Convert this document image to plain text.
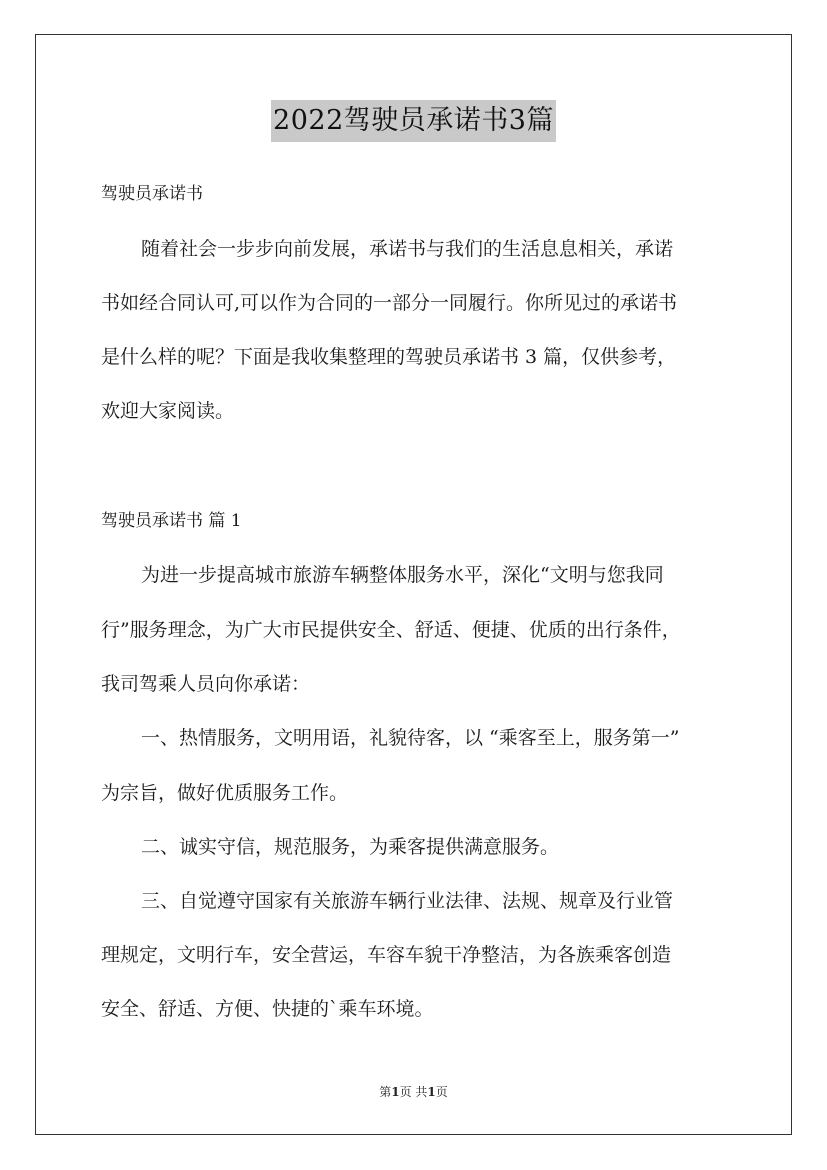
2022驾驶员承诺书3篇

驾驶员承诺书

随着社会一步步向前发展，承诺书与我们的生活息息相关，承诺

书如经合同认可,可以作为合同的一部分一同履行。你所见过的承诺书

是什么样的呢？下面是我收集整理的驾驶员承诺书 3 篇，仅供参考，

欢迎大家阅读。

驾驶员承诺书 篇 1

为进一步提高城市旅游车辆整体服务水平，深化“文明与您我同

行”服务理念，为广大市民提供安全、舒适、便捷、优质的出行条件，

我司驾乘人员向你承诺：

一、热情服务，文明用语，礼貌待客，以 “乘客至上，服务第一”

为宗旨，做好优质服务工作。

二、诚实守信，规范服务，为乘客提供满意服务。

三、自觉遵守国家有关旅游车辆行业法律、法规、规章及行业管

理规定，文明行车，安全营运，车容车貌干净整洁，为各族乘客创造

安全、舒适、方便、快捷的`乘车环境。

第1页 共1页
